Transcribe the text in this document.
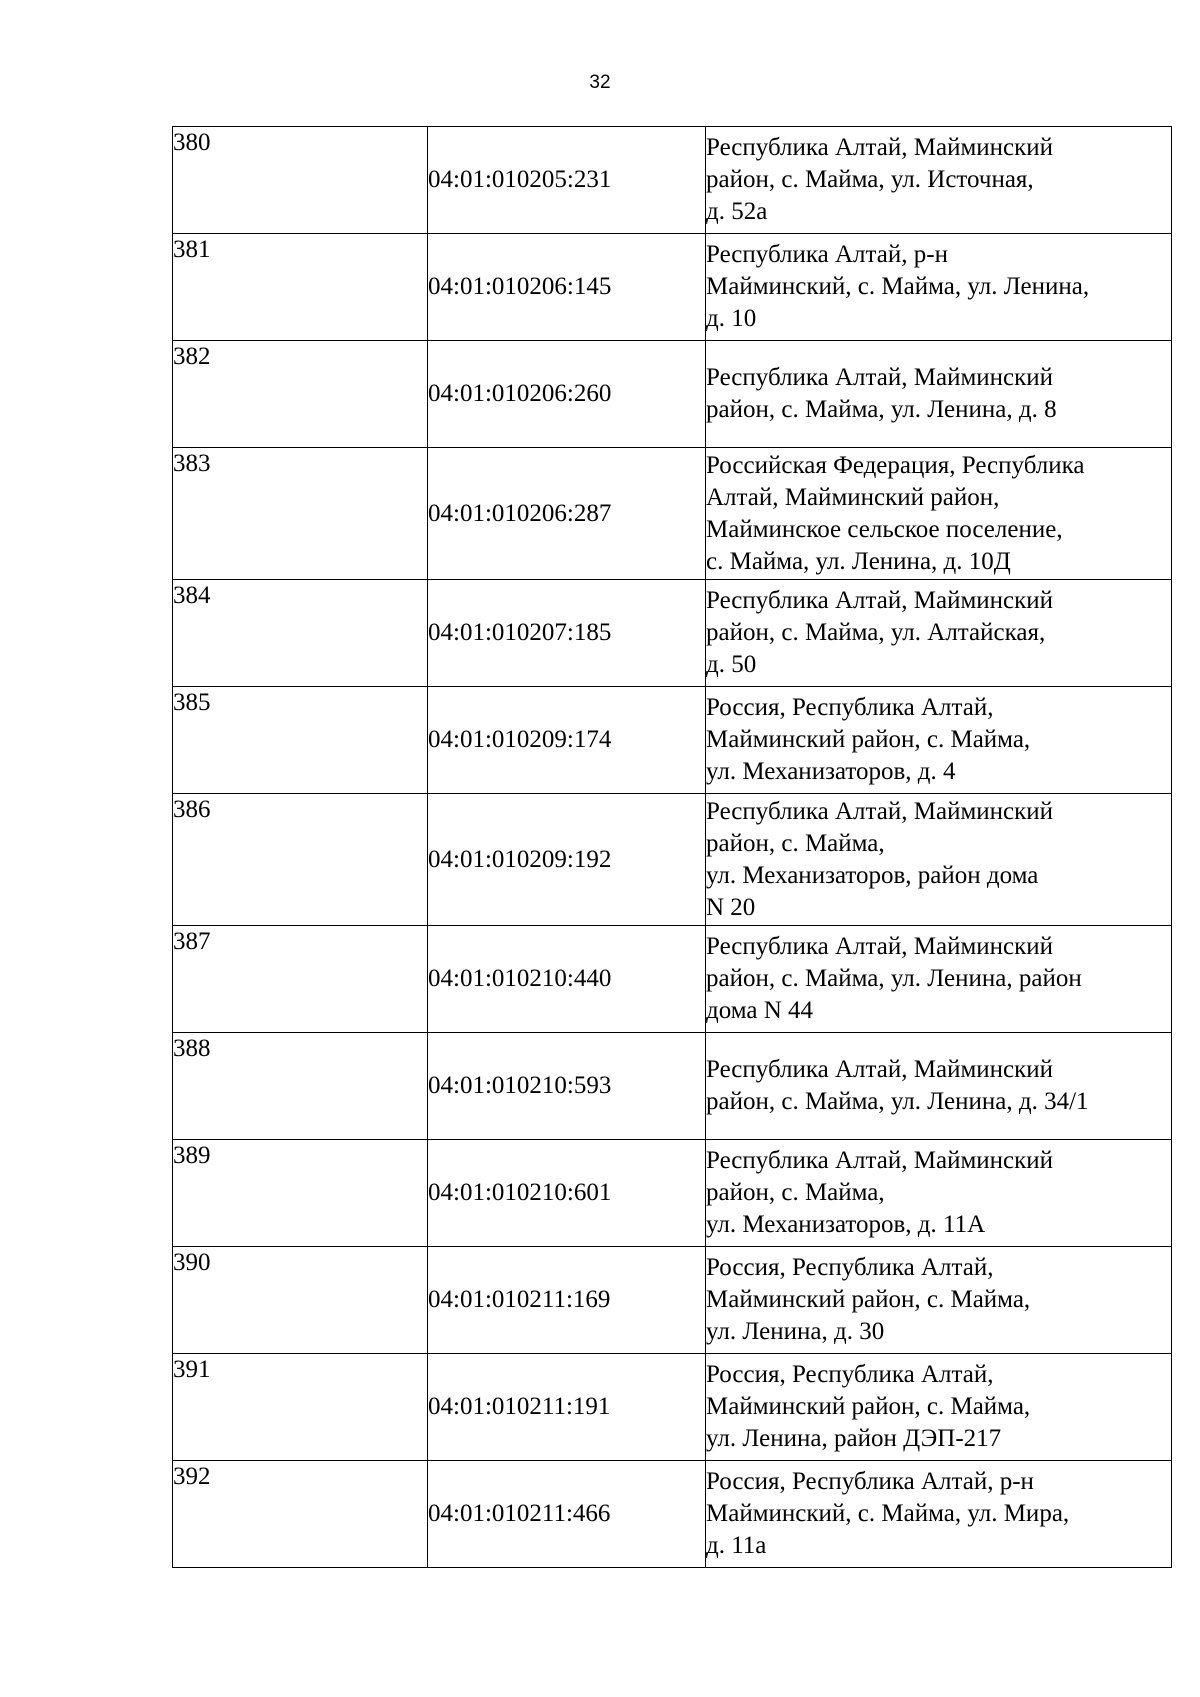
32
380	04:01:010205:231	Республика Алтай, Майминский
район, с. Майма, ул. Источная,
д. 52а

381	04:01:010206:145	Республика Алтай, р-н
Майминский, с. Майма, ул. Ленина,
д. 10

382	04:01:010206:260	Республика Алтай, Майминский
район, с. Майма, ул. Ленина, д. 8

383	04:01:010206:287	Российская Федерация, Республика
Алтай, Майминский район,
Майминское сельское поселение,
с. Майма, ул. Ленина, д. 10Д

384	04:01:010207:185	Республика Алтай, Майминский
район, с. Майма, ул. Алтайская,
д. 50

385	04:01:010209:174	Россия, Республика Алтай,
Майминский район, с. Майма,
ул. Механизаторов, д. 4

386	04:01:010209:192	Республика Алтай, Майминский
район, с. Майма,
ул. Механизаторов, район дома
N 20

387	04:01:010210:440	Республика Алтай, Майминский
район, с. Майма, ул. Ленина, район
дома N 44

388	04:01:010210:593	Республика Алтай, Майминский
район, с. Майма, ул. Ленина, д. 34/1

389	04:01:010210:601	Республика Алтай, Майминский
район, с. Майма,
ул. Механизаторов, д. 11А

390	04:01:010211:169	Россия, Республика Алтай,
Майминский район, с. Майма,
ул. Ленина, д. 30

391	04:01:010211:191	Россия, Республика Алтай,
Майминский район, с. Майма,
ул. Ленина, район ДЭП-217

392	04:01:010211:466	Россия, Республика Алтай, р-н
Майминский, с. Майма, ул. Мира,
д. 11а
